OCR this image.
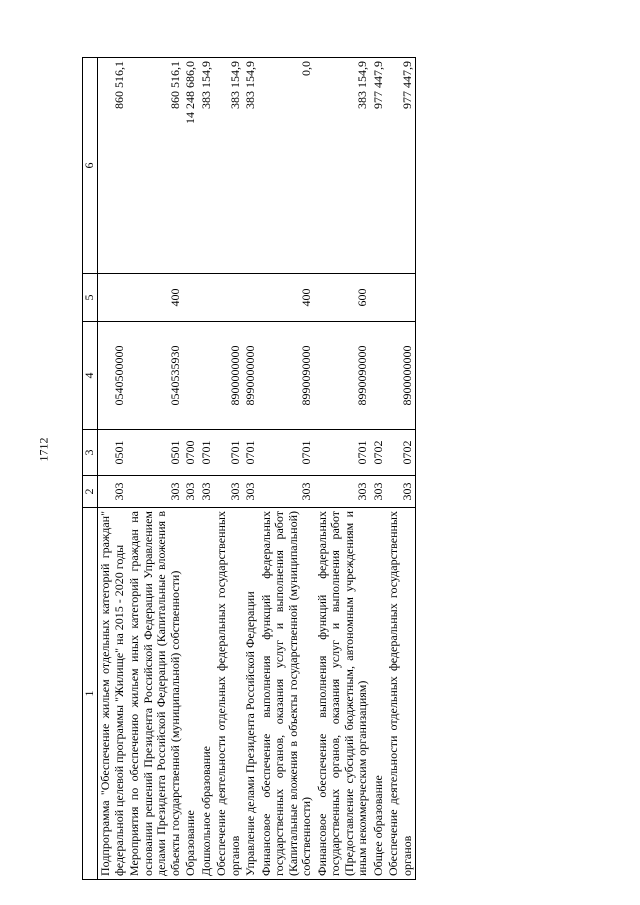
1712
1	2	3	4	5	6

Подпрограмма "Обеспечение жильем отдельных категорий граждан" федеральной целевой программы "Жилище" на 2015 - 2020 годы	303	0501	0540500000		860 516,1

Мероприятия по обеспечению жильем иных категорий граждан на основании решений Президента Российской Федерации Управлением делами Президента Российской Федерации (Капитальные вложения в объекты государственной (муниципальной) собственности)	303	0501	0540535930	400	860 516,1

Образование	303	0700			14 248 686,0

Дошкольное образование	303	0701			383 154,9

Обеспечение деятельности отдельных федеральных государственных органов	303	0701	8900000000		383 154,9

Управление делами Президента Российской Федерации	303	0701	8990000000		383 154,9

Финансовое обеспечение выполнения функций федеральных государственных органов, оказания услуг и выполнения работ (Капитальные вложения в объекты государственной (муниципальной) собственности)	303	0701	8990090000	400	0,0

Финансовое обеспечение выполнения функций федеральных государственных органов, оказания услуг и выполнения работ (Предоставление субсидий бюджетным, автономным учреждениям и иным некоммерческим организациям)	303	0701	8990090000	600	383 154,9

Общее образование	303	0702			977 447,9

Обеспечение деятельности отдельных федеральных государственных органов	303	0702	8900000000		977 447,9
